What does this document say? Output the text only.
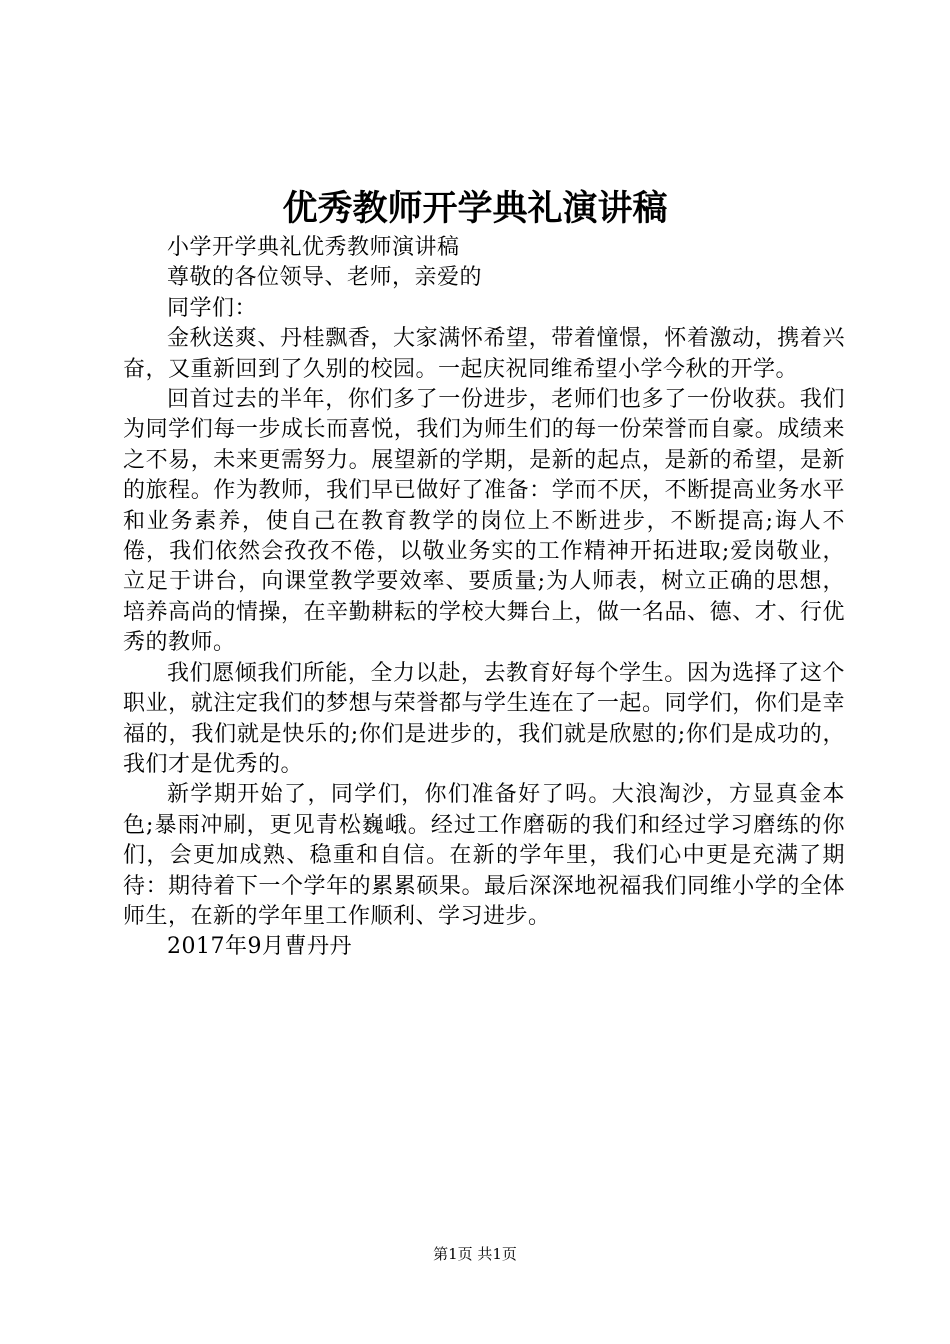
优秀教师开学典礼演讲稿

小学开学典礼优秀教师演讲稿

尊敬的各位领导、老师，亲爱的

同学们：

金秋送爽、丹桂飘香，大家满怀希望，带着憧憬，怀着激动，携着兴奋，又重新回到了久别的校园。一起庆祝同维希望小学今秋的开学。

回首过去的半年，你们多了一份进步，老师们也多了一份收获。我们为同学们每一步成长而喜悦，我们为师生们的每一份荣誉而自豪。成绩来之不易，未来更需努力。展望新的学期，是新的起点，是新的希望，是新的旅程。作为教师，我们早已做好了准备：学而不厌，不断提高业务水平和业务素养，使自己在教育教学的岗位上不断进步，不断提高;诲人不倦，我们依然会孜孜不倦，以敬业务实的工作精神开拓进取;爱岗敬业，立足于讲台，向课堂教学要效率、要质量;为人师表，树立正确的思想，培养高尚的情操，在辛勤耕耘的学校大舞台上，做一名品、德、才、行优秀的教师。

我们愿倾我们所能，全力以赴，去教育好每个学生。因为选择了这个职业，就注定我们的梦想与荣誉都与学生连在了一起。同学们，你们是幸福的，我们就是快乐的;你们是进步的，我们就是欣慰的;你们是成功的，我们才是优秀的。

新学期开始了，同学们，你们准备好了吗。大浪淘沙，方显真金本色;暴雨冲刷，更见青松巍峨。经过工作磨砺的我们和经过学习磨练的你们，会更加成熟、稳重和自信。在新的学年里，我们心中更是充满了期待：期待着下一个学年的累累硕果。最后深深地祝福我们同维小学的全体师生，在新的学年里工作顺利、学习进步。

2017年9月曹丹丹

第1页 共1页
